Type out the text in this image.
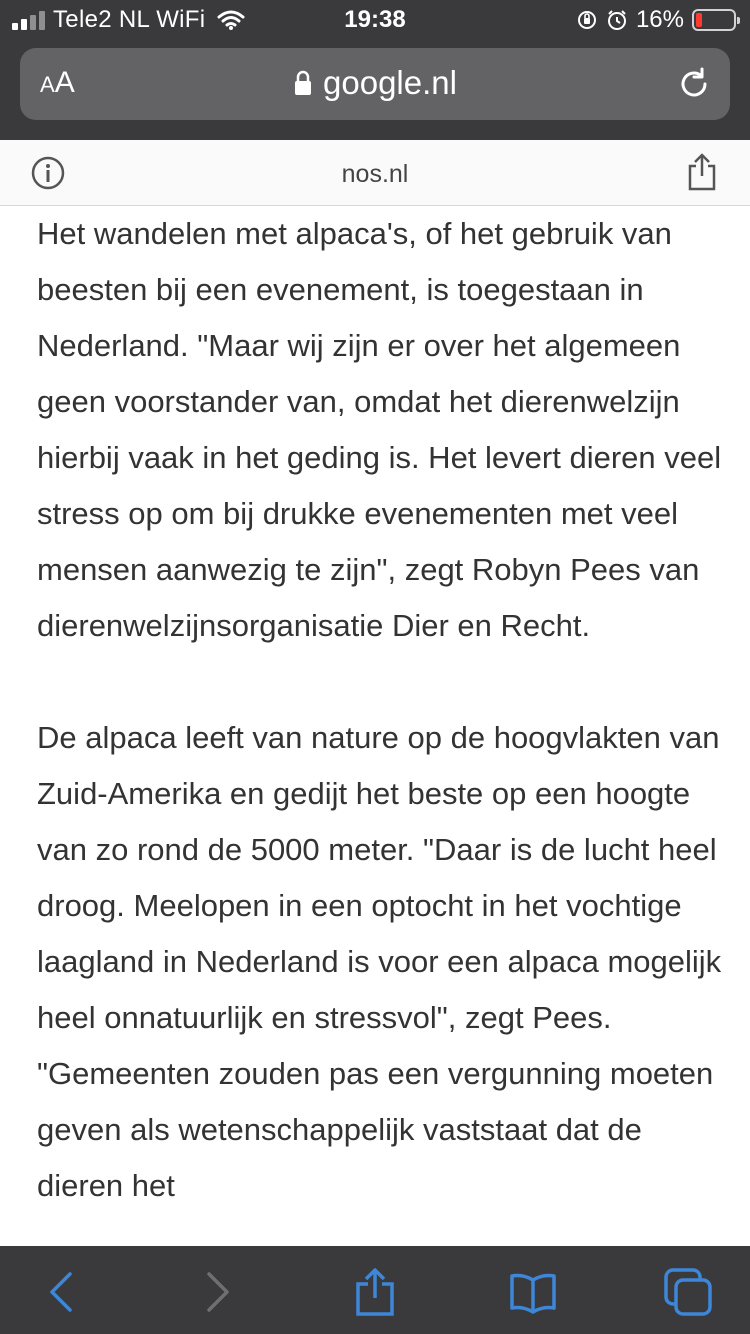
Tele2 NL WiFi	19:38	16%
AA	google.nl
nos.nl

Het wandelen met alpaca's, of het gebruik van beesten bij een evenement, is toegestaan in Nederland. "Maar wij zijn er over het algemeen geen voorstander van, omdat het dierenwelzijn hierbij vaak in het geding is. Het levert dieren veel stress op om bij drukke evenementen met veel mensen aanwezig te zijn", zegt Robyn Pees van dierenwelzijnsorganisatie Dier en Recht.

De alpaca leeft van nature op de hoogvlakten van Zuid-Amerika en gedijt het beste op een hoogte van zo rond de 5000 meter. "Daar is de lucht heel droog. Meelopen in een optocht in het vochtige laagland in Nederland is voor een alpaca mogelijk heel onnatuurlijk en stressvol", zegt Pees. "Gemeenten zouden pas een vergunning moeten geven als wetenschappelijk vaststaat dat de dieren het
